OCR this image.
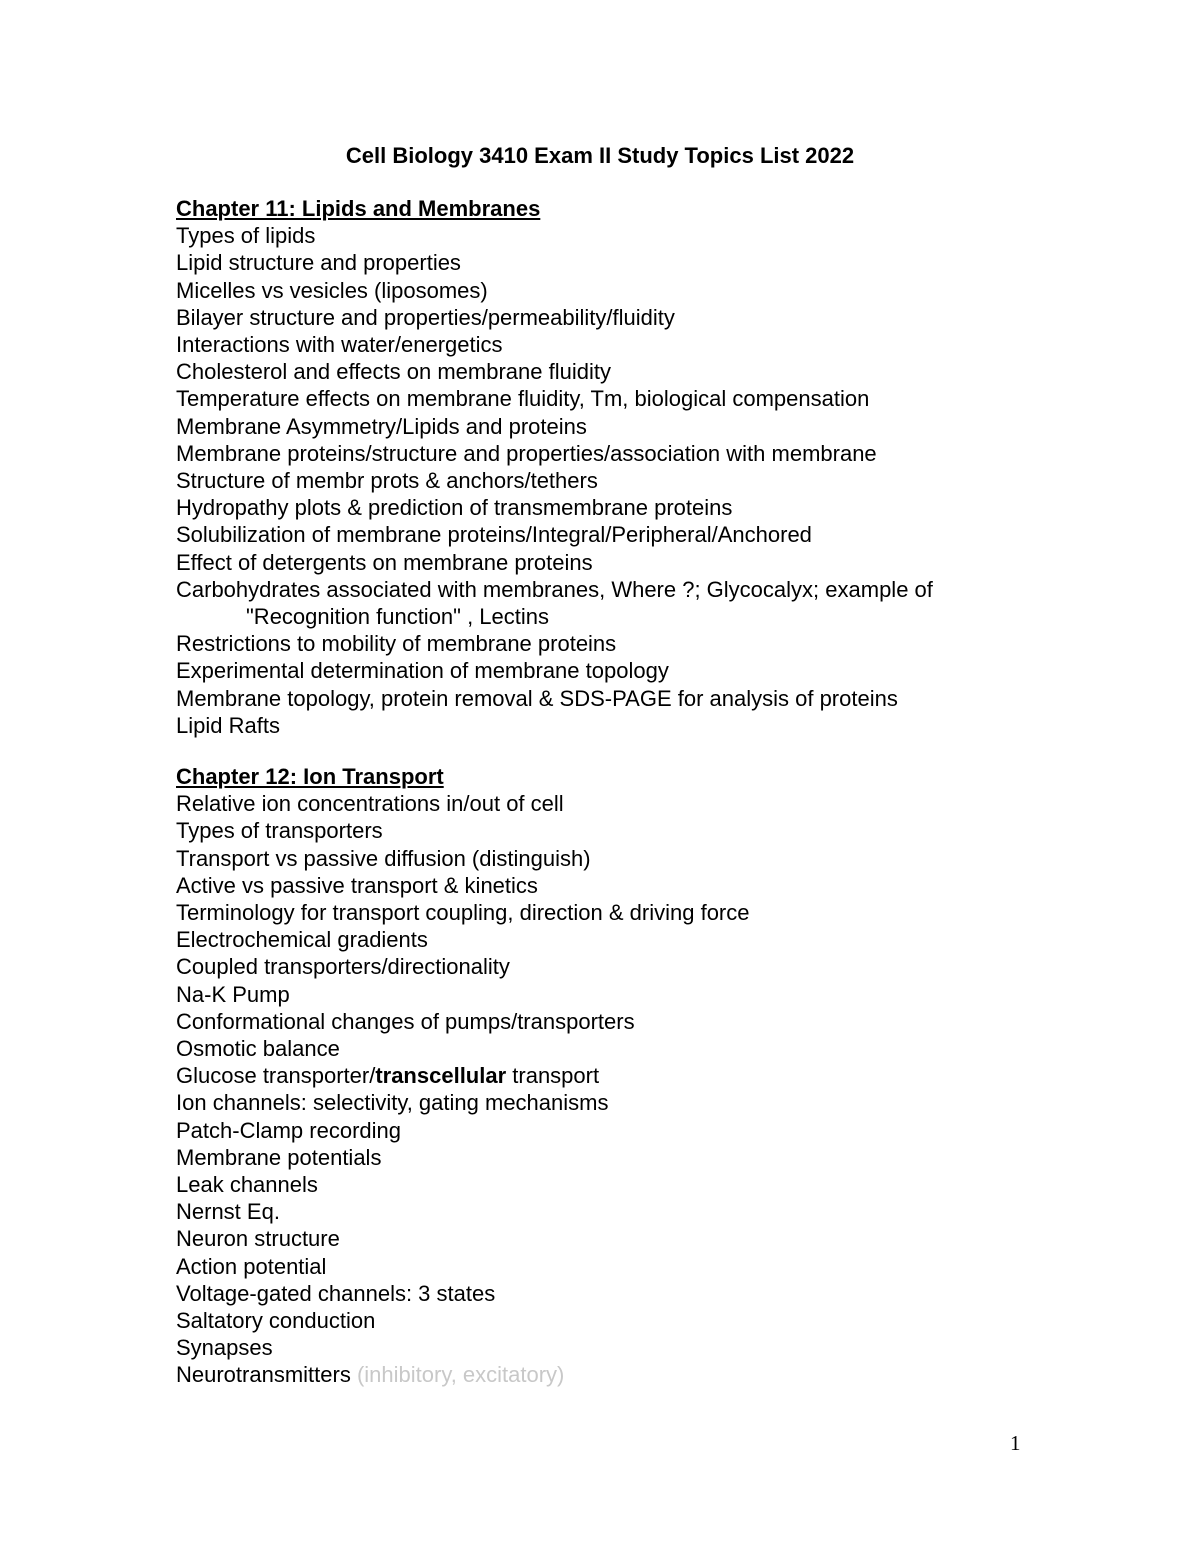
Cell Biology 3410 Exam II Study Topics List 2022
Chapter 11: Lipids and Membranes
Types of lipids
Lipid structure and properties
Micelles vs vesicles (liposomes)
Bilayer structure and properties/permeability/fluidity
Interactions with water/energetics
Cholesterol and effects on membrane fluidity
Temperature effects on membrane fluidity, Tm, biological compensation
Membrane Asymmetry/Lipids and proteins
Membrane proteins/structure and properties/association with membrane
Structure of membr prots & anchors/tethers
Hydropathy plots & prediction of transmembrane proteins
Solubilization of membrane proteins/Integral/Peripheral/Anchored
Effect of detergents on membrane proteins
Carbohydrates associated with membranes, Where ?; Glycocalyx; example of
"Recognition function" , Lectins
Restrictions to mobility of membrane proteins
Experimental determination of membrane topology
Membrane topology, protein removal & SDS-PAGE for analysis of proteins
Lipid Rafts
Chapter 12: Ion Transport
Relative ion concentrations in/out of cell
Types of transporters
Transport vs passive diffusion (distinguish)
Active vs passive transport & kinetics
Terminology for transport coupling, direction & driving force
Electrochemical gradients
Coupled transporters/directionality
Na-K Pump
Conformational changes of pumps/transporters
Osmotic balance
Glucose transporter/transcellular transport
Ion channels: selectivity, gating mechanisms
Patch-Clamp recording
Membrane potentials
Leak channels
Nernst Eq.
Neuron structure
Action potential
Voltage-gated channels: 3 states
Saltatory conduction
Synapses
Neurotransmitters (inhibitory, excitatory)
1
